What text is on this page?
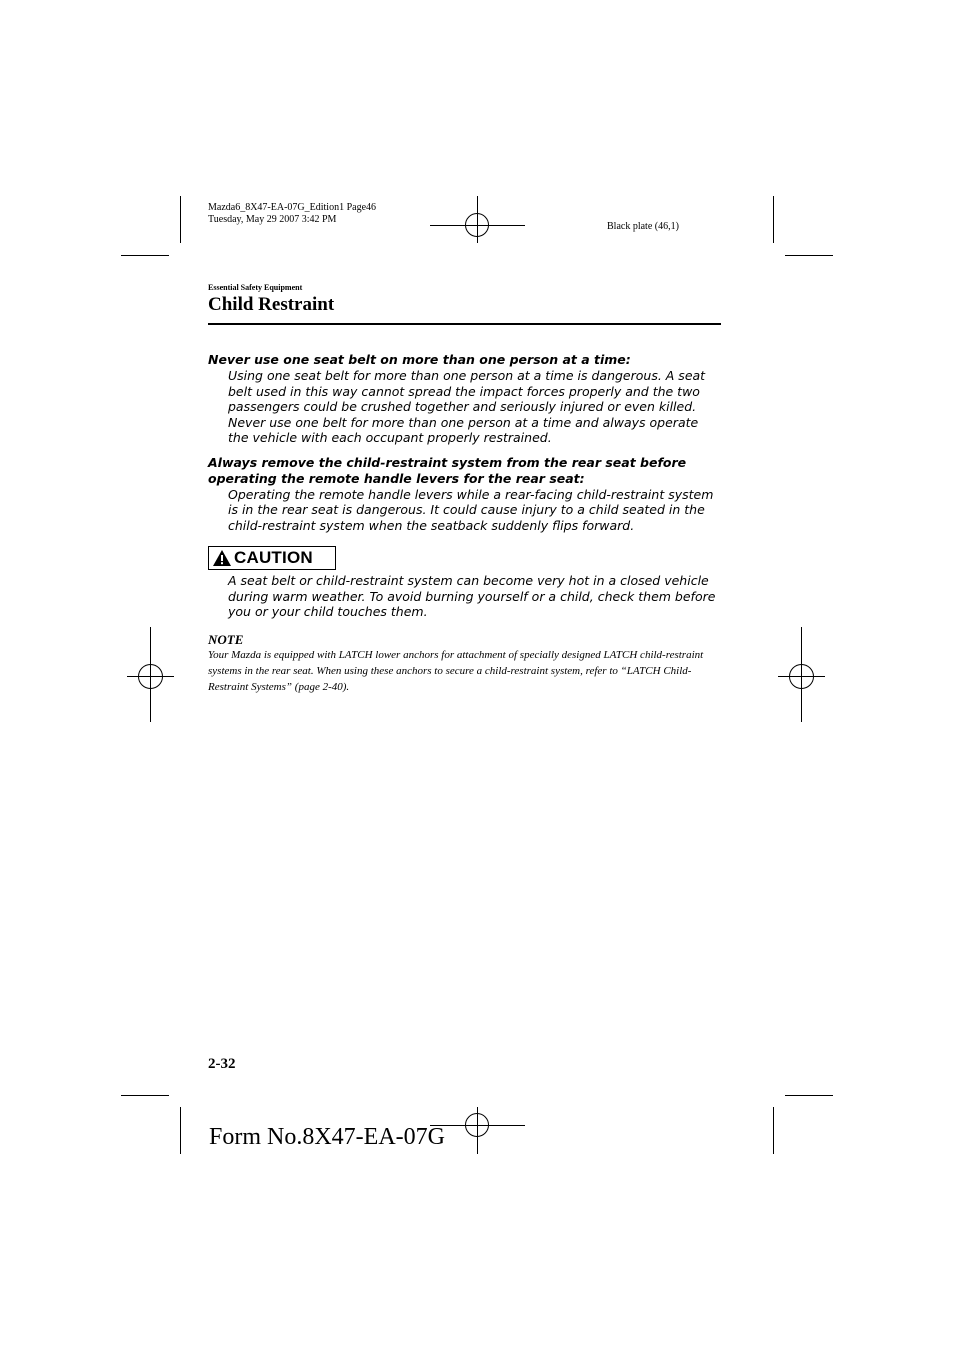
Mazda6_8X47-EA-07G_Edition1 Page46
Tuesday, May 29 2007 3:42 PM
Black plate (46,1)
Essential Safety Equipment
Child Restraint

Never use one seat belt on more than one person at a time:

Using one seat belt for more than one person at a time is dangerous. A seat belt used in this way cannot spread the impact forces properly and the two passengers could be crushed together and seriously injured or even killed. Never use one belt for more than one person at a time and always operate the vehicle with each occupant properly restrained.

Always remove the child-restraint system from the rear seat before operating the remote handle levers for the rear seat:

Operating the remote handle levers while a rear-facing child-restraint system is in the rear seat is dangerous. It could cause injury to a child seated in the child-restraint system when the seatback suddenly flips forward.

CAUTION

A seat belt or child-restraint system can become very hot in a closed vehicle during warm weather. To avoid burning yourself or a child, check them before you or your child touches them.

NOTE
Your Mazda is equipped with LATCH lower anchors for attachment of specially designed LATCH child-restraint systems in the rear seat. When using these anchors to secure a child-restraint system, refer to “LATCH Child-Restraint Systems” (page 2-40).
2-32
Form No.8X47-EA-07G
